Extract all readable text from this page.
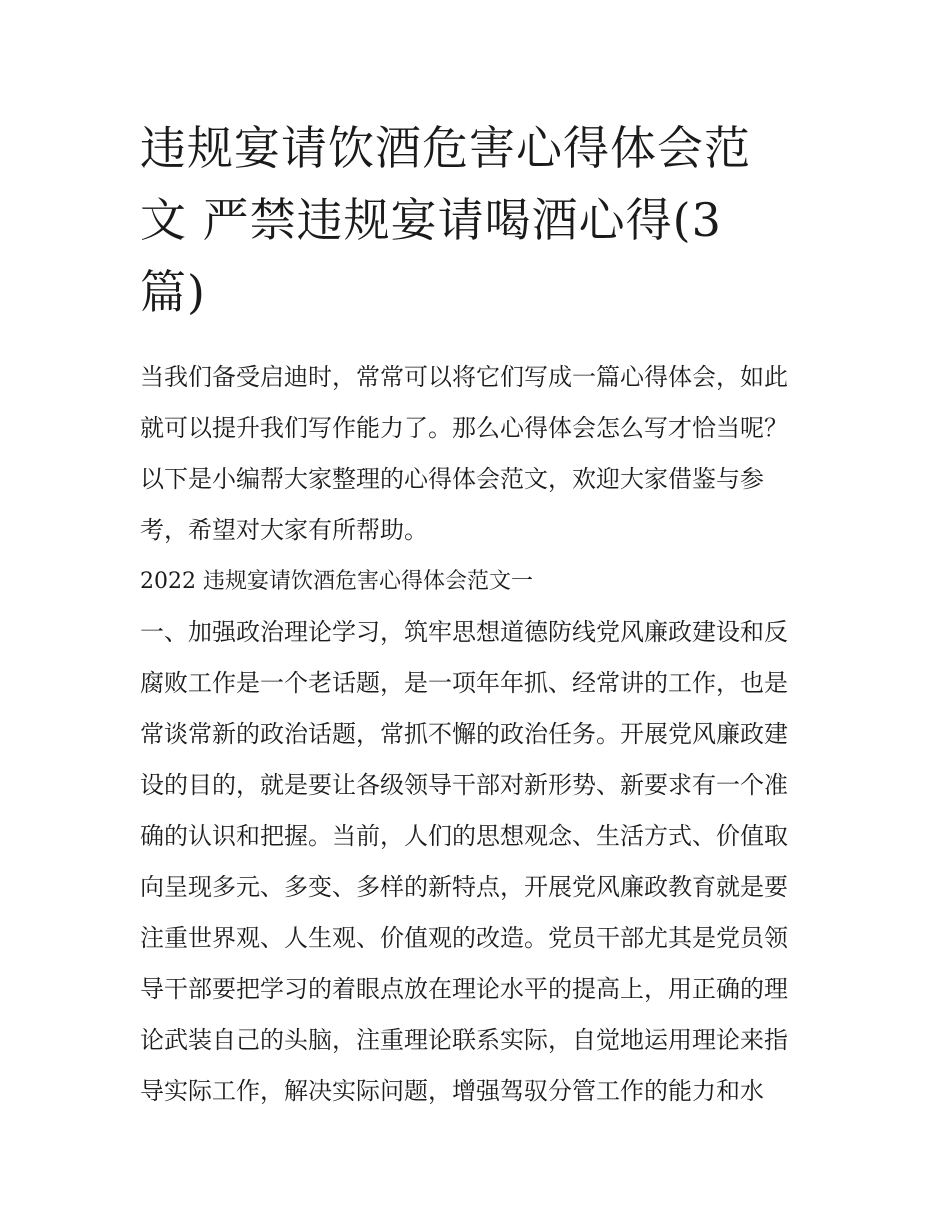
违规宴请饮酒危害心得体会范
文 严禁违规宴请喝酒心得(3
篇)
当我们备受启迪时，常常可以将它们写成一篇心得体会，如此
就可以提升我们写作能力了。那么心得体会怎么写才恰当呢？
以下是小编帮大家整理的心得体会范文，欢迎大家借鉴与参
考，希望对大家有所帮助。
2022 违规宴请饮酒危害心得体会范文一
一、加强政治理论学习，筑牢思想道德防线党风廉政建设和反
腐败工作是一个老话题，是一项年年抓、经常讲的工作，也是
常谈常新的政治话题，常抓不懈的政治任务。开展党风廉政建
设的目的，就是要让各级领导干部对新形势、新要求有一个准
确的认识和把握。当前，人们的思想观念、生活方式、价值取
向呈现多元、多变、多样的新特点，开展党风廉政教育就是要
注重世界观、人生观、价值观的改造。党员干部尤其是党员领
导干部要把学习的着眼点放在理论水平的提高上，用正确的理
论武装自己的头脑，注重理论联系实际，自觉地运用理论来指
导实际工作，解决实际问题，增强驾驭分管工作的能力和水
